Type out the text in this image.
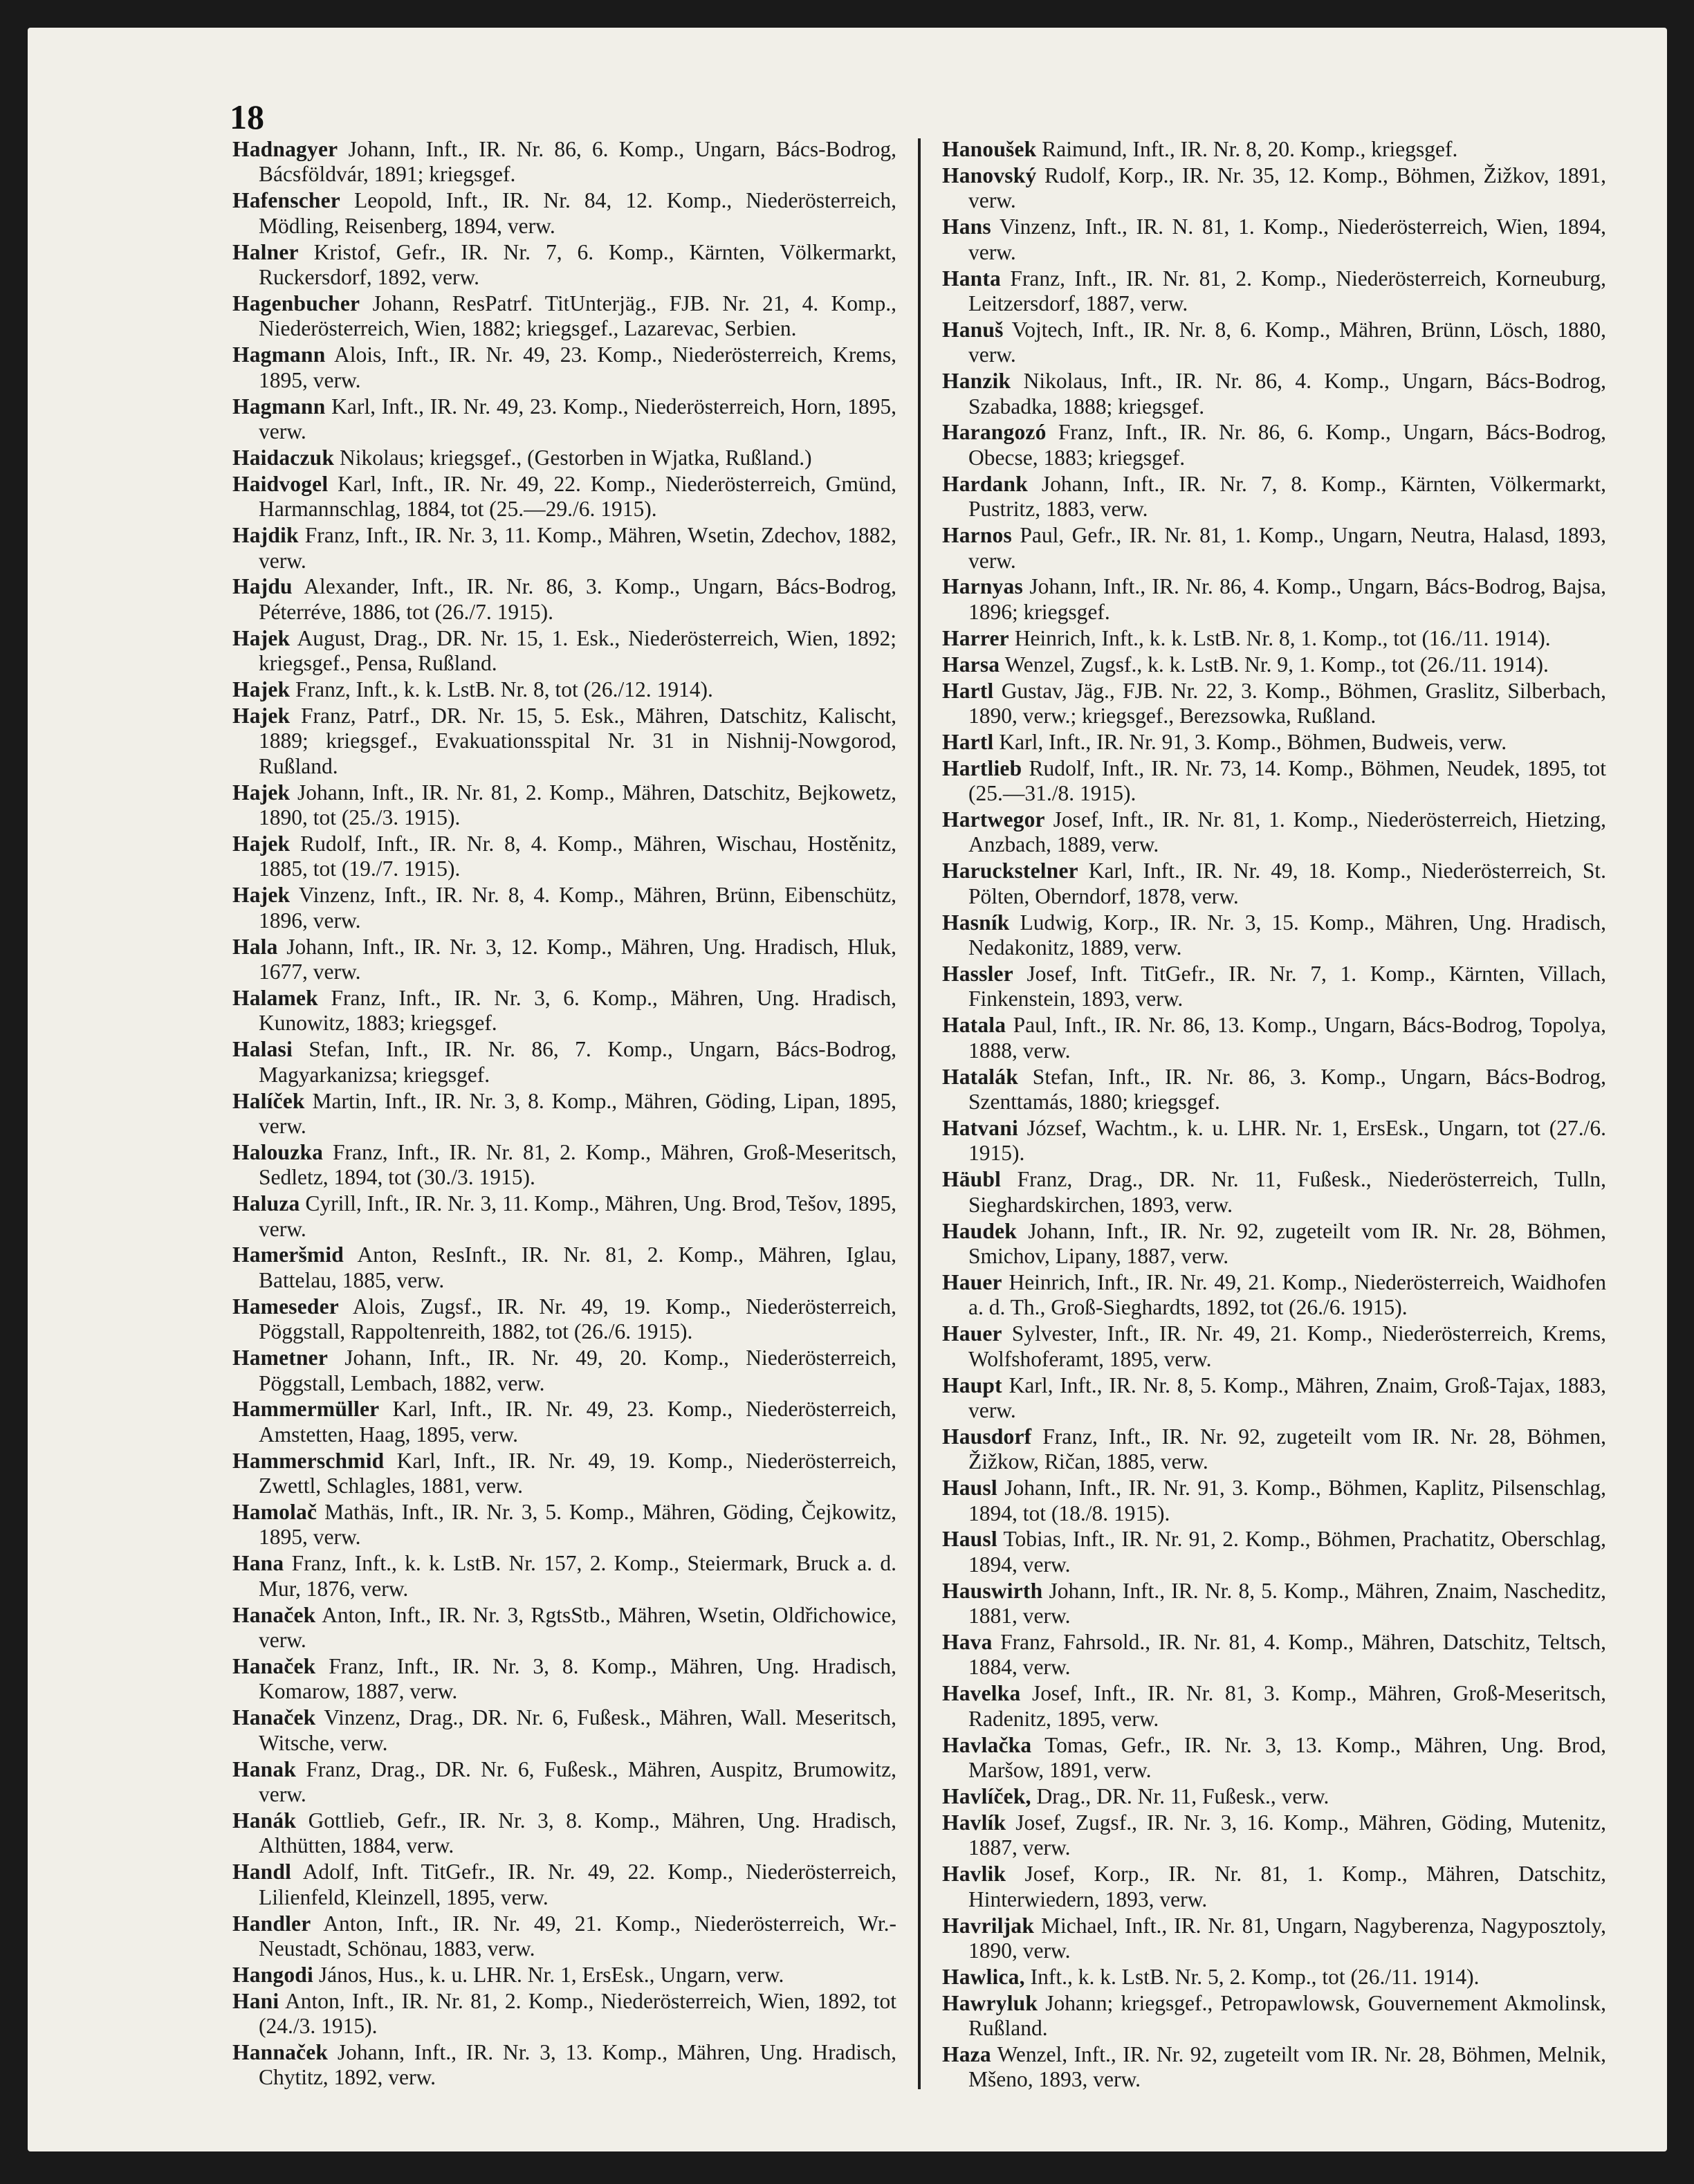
18

Hadnagyer Johann, Inft., IR. Nr. 86, 6. Komp., Ungarn, Bács-Bodrog, Bácsföldvár, 1891; kriegsgef.

Hafenscher Leopold, Inft., IR. Nr. 84, 12. Komp., Niederösterreich, Mödling, Reisenberg, 1894, verw.

Halner Kristof, Gefr., IR. Nr. 7, 6. Komp., Kärnten, Völkermarkt, Ruckersdorf, 1892, verw.

Hagenbucher Johann, ResPatrf. TitUnterjäg., FJB. Nr. 21, 4. Komp., Niederösterreich, Wien, 1882; kriegsgef., Lazarevac, Serbien.

Hagmann Alois, Inft., IR. Nr. 49, 23. Komp., Niederösterreich, Krems, 1895, verw.

Hagmann Karl, Inft., IR. Nr. 49, 23. Komp., Niederösterreich, Horn, 1895, verw.

Haidaczuk Nikolaus; kriegsgef., (Gestorben in Wjatka, Rußland.)

Haidvogel Karl, Inft., IR. Nr. 49, 22. Komp., Niederösterreich, Gmünd, Harmannschlag, 1884, tot (25.—29./6. 1915).

Hajdik Franz, Inft., IR. Nr. 3, 11. Komp., Mähren, Wsetin, Zdechov, 1882, verw.

Hajdu Alexander, Inft., IR. Nr. 86, 3. Komp., Ungarn, Bács-Bodrog, Péterréve, 1886, tot (26./7. 1915).

Hajek August, Drag., DR. Nr. 15, 1. Esk., Niederösterreich, Wien, 1892; kriegsgef., Pensa, Rußland.

Hajek Franz, Inft., k. k. LstB. Nr. 8, tot (26./12. 1914).

Hajek Franz, Patrf., DR. Nr. 15, 5. Esk., Mähren, Datschitz, Kalischt, 1889; kriegsgef., Evakuationsspital Nr. 31 in Nishnij-Nowgorod, Rußland.

Hajek Johann, Inft., IR. Nr. 81, 2. Komp., Mähren, Datschitz, Bejkowetz, 1890, tot (25./3. 1915).

Hajek Rudolf, Inft., IR. Nr. 8, 4. Komp., Mähren, Wischau, Hostěnitz, 1885, tot (19./7. 1915).

Hajek Vinzenz, Inft., IR. Nr. 8, 4. Komp., Mähren, Brünn, Eibenschütz, 1896, verw.

Hala Johann, Inft., IR. Nr. 3, 12. Komp., Mähren, Ung. Hradisch, Hluk, 1677, verw.

Halamek Franz, Inft., IR. Nr. 3, 6. Komp., Mähren, Ung. Hradisch, Kunowitz, 1883; kriegsgef.

Halasi Stefan, Inft., IR. Nr. 86, 7. Komp., Ungarn, Bács-Bodrog, Magyarkanizsa; kriegsgef.

Halíček Martin, Inft., IR. Nr. 3, 8. Komp., Mähren, Göding, Lipan, 1895, verw.

Halouzka Franz, Inft., IR. Nr. 81, 2. Komp., Mähren, Groß-Meseritsch, Sedletz, 1894, tot (30./3. 1915).

Haluza Cyrill, Inft., IR. Nr. 3, 11. Komp., Mähren, Ung. Brod, Tešov, 1895, verw.

Hameršmid Anton, ResInft., IR. Nr. 81, 2. Komp., Mähren, Iglau, Battelau, 1885, verw.

Hameseder Alois, Zugsf., IR. Nr. 49, 19. Komp., Niederösterreich, Pöggstall, Rappoltenreith, 1882, tot (26./6. 1915).

Hametner Johann, Inft., IR. Nr. 49, 20. Komp., Niederösterreich, Pöggstall, Lembach, 1882, verw.

Hammermüller Karl, Inft., IR. Nr. 49, 23. Komp., Niederösterreich, Amstetten, Haag, 1895, verw.

Hammerschmid Karl, Inft., IR. Nr. 49, 19. Komp., Niederösterreich, Zwettl, Schlagles, 1881, verw.

Hamolač Mathäs, Inft., IR. Nr. 3, 5. Komp., Mähren, Göding, Čejkowitz, 1895, verw.

Hana Franz, Inft., k. k. LstB. Nr. 157, 2. Komp., Steiermark, Bruck a. d. Mur, 1876, verw.

Hanaček Anton, Inft., IR. Nr. 3, RgtsStb., Mähren, Wsetin, Oldřichowice, verw.

Hanaček Franz, Inft., IR. Nr. 3, 8. Komp., Mähren, Ung. Hradisch, Komarow, 1887, verw.

Hanaček Vinzenz, Drag., DR. Nr. 6, Fußesk., Mähren, Wall. Meseritsch, Witsche, verw.

Hanak Franz, Drag., DR. Nr. 6, Fußesk., Mähren, Auspitz, Brumowitz, verw.

Hanák Gottlieb, Gefr., IR. Nr. 3, 8. Komp., Mähren, Ung. Hradisch, Althütten, 1884, verw.

Handl Adolf, Inft. TitGefr., IR. Nr. 49, 22. Komp., Niederösterreich, Lilienfeld, Kleinzell, 1895, verw.

Handler Anton, Inft., IR. Nr. 49, 21. Komp., Niederösterreich, Wr.-Neustadt, Schönau, 1883, verw.

Hangodi János, Hus., k. u. LHR. Nr. 1, ErsEsk., Ungarn, verw.

Hani Anton, Inft., IR. Nr. 81, 2. Komp., Niederösterreich, Wien, 1892, tot (24./3. 1915).

Hannaček Johann, Inft., IR. Nr. 3, 13. Komp., Mähren, Ung. Hradisch, Chytitz, 1892, verw.

Hanoušek Raimund, Inft., IR. Nr. 8, 20. Komp., kriegsgef.

Hanovský Rudolf, Korp., IR. Nr. 35, 12. Komp., Böhmen, Žižkov, 1891, verw.

Hans Vinzenz, Inft., IR. N. 81, 1. Komp., Niederösterreich, Wien, 1894, verw.

Hanta Franz, Inft., IR. Nr. 81, 2. Komp., Niederösterreich, Korneuburg, Leitzersdorf, 1887, verw.

Hanuš Vojtech, Inft., IR. Nr. 8, 6. Komp., Mähren, Brünn, Lösch, 1880, verw.

Hanzik Nikolaus, Inft., IR. Nr. 86, 4. Komp., Ungarn, Bács-Bodrog, Szabadka, 1888; kriegsgef.

Harangozó Franz, Inft., IR. Nr. 86, 6. Komp., Ungarn, Bács-Bodrog, Obecse, 1883; kriegsgef.

Hardank Johann, Inft., IR. Nr. 7, 8. Komp., Kärnten, Völkermarkt, Pustritz, 1883, verw.

Harnos Paul, Gefr., IR. Nr. 81, 1. Komp., Ungarn, Neutra, Halasd, 1893, verw.

Harnyas Johann, Inft., IR. Nr. 86, 4. Komp., Ungarn, Bács-Bodrog, Bajsa, 1896; kriegsgef.

Harrer Heinrich, Inft., k. k. LstB. Nr. 8, 1. Komp., tot (16./11. 1914).

Harsa Wenzel, Zugsf., k. k. LstB. Nr. 9, 1. Komp., tot (26./11. 1914).

Hartl Gustav, Jäg., FJB. Nr. 22, 3. Komp., Böhmen, Graslitz, Silberbach, 1890, verw.; kriegsgef., Berezsowka, Rußland.

Hartl Karl, Inft., IR. Nr. 91, 3. Komp., Böhmen, Budweis, verw.

Hartlieb Rudolf, Inft., IR. Nr. 73, 14. Komp., Böhmen, Neudek, 1895, tot (25.—31./8. 1915).

Hartwegor Josef, Inft., IR. Nr. 81, 1. Komp., Niederösterreich, Hietzing, Anzbach, 1889, verw.

Haruckstelner Karl, Inft., IR. Nr. 49, 18. Komp., Niederösterreich, St. Pölten, Oberndorf, 1878, verw.

Hasník Ludwig, Korp., IR. Nr. 3, 15. Komp., Mähren, Ung. Hradisch, Nedakonitz, 1889, verw.

Hassler Josef, Inft. TitGefr., IR. Nr. 7, 1. Komp., Kärnten, Villach, Finkenstein, 1893, verw.

Hatala Paul, Inft., IR. Nr. 86, 13. Komp., Ungarn, Bács-Bodrog, Topolya, 1888, verw.

Hatalák Stefan, Inft., IR. Nr. 86, 3. Komp., Ungarn, Bács-Bodrog, Szenttamás, 1880; kriegsgef.

Hatvani József, Wachtm., k. u. LHR. Nr. 1, ErsEsk., Ungarn, tot (27./6. 1915).

Häubl Franz, Drag., DR. Nr. 11, Fußesk., Niederösterreich, Tulln, Sieghardskirchen, 1893, verw.

Haudek Johann, Inft., IR. Nr. 92, zugeteilt vom IR. Nr. 28, Böhmen, Smichov, Lipany, 1887, verw.

Hauer Heinrich, Inft., IR. Nr. 49, 21. Komp., Niederösterreich, Waidhofen a. d. Th., Groß-Sieghardts, 1892, tot (26./6. 1915).

Hauer Sylvester, Inft., IR. Nr. 49, 21. Komp., Niederösterreich, Krems, Wolfshoferamt, 1895, verw.

Haupt Karl, Inft., IR. Nr. 8, 5. Komp., Mähren, Znaim, Groß-Tajax, 1883, verw.

Hausdorf Franz, Inft., IR. Nr. 92, zugeteilt vom IR. Nr. 28, Böhmen, Žižkow, Ričan, 1885, verw.

Hausl Johann, Inft., IR. Nr. 91, 3. Komp., Böhmen, Kaplitz, Pilsenschlag, 1894, tot (18./8. 1915).

Hausl Tobias, Inft., IR. Nr. 91, 2. Komp., Böhmen, Prachatitz, Oberschlag, 1894, verw.

Hauswirth Johann, Inft., IR. Nr. 8, 5. Komp., Mähren, Znaim, Nascheditz, 1881, verw.

Hava Franz, Fahrsold., IR. Nr. 81, 4. Komp., Mähren, Datschitz, Teltsch, 1884, verw.

Havelka Josef, Inft., IR. Nr. 81, 3. Komp., Mähren, Groß-Meseritsch, Radenitz, 1895, verw.

Havlačka Tomas, Gefr., IR. Nr. 3, 13. Komp., Mähren, Ung. Brod, Maršow, 1891, verw.

Havlíček, Drag., DR. Nr. 11, Fußesk., verw.

Havlík Josef, Zugsf., IR. Nr. 3, 16. Komp., Mähren, Göding, Mutenitz, 1887, verw.

Havlik Josef, Korp., IR. Nr. 81, 1. Komp., Mähren, Datschitz, Hinterwiedern, 1893, verw.

Havriljak Michael, Inft., IR. Nr. 81, Ungarn, Nagyberenza, Nagyposztoly, 1890, verw.

Hawlica, Inft., k. k. LstB. Nr. 5, 2. Komp., tot (26./11. 1914).

Hawryluk Johann; kriegsgef., Petropawlowsk, Gouvernement Akmolinsk, Rußland.

Haza Wenzel, Inft., IR. Nr. 92, zugeteilt vom IR. Nr. 28, Böhmen, Melnik, Mšeno, 1893, verw.
